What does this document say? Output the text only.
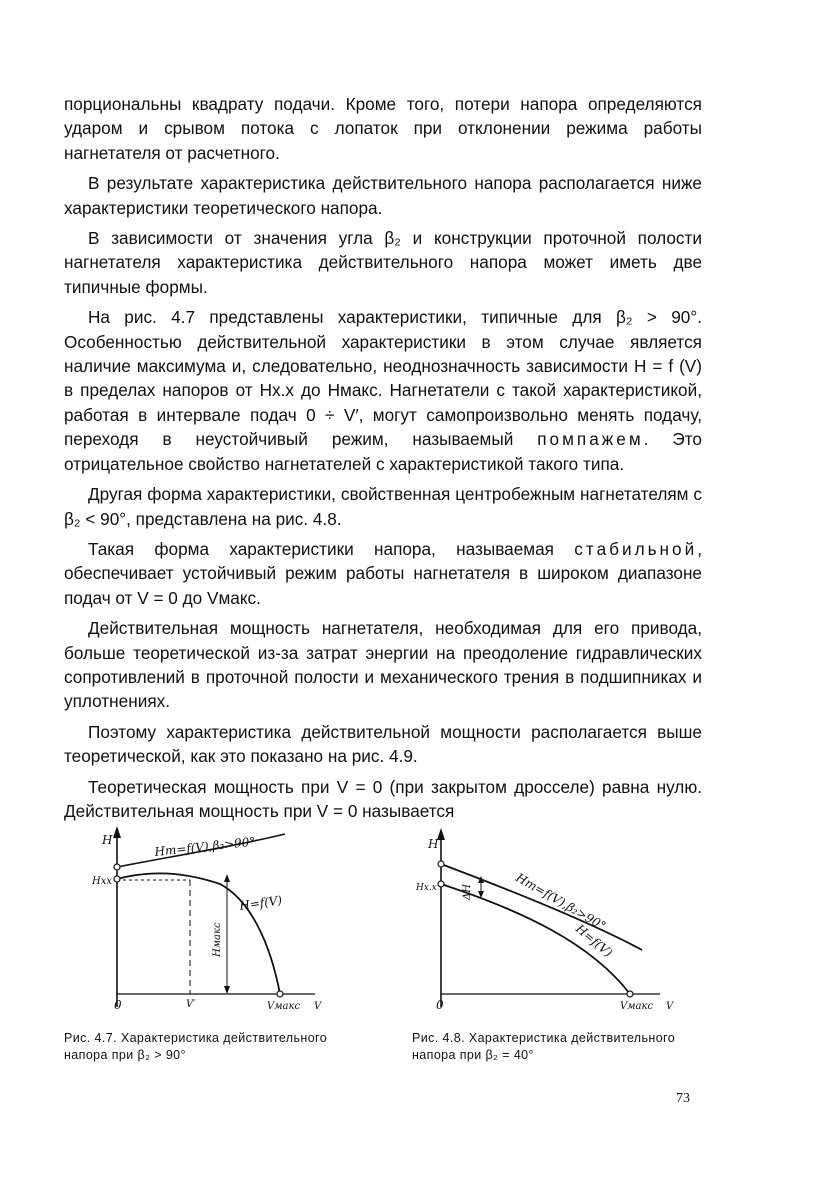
порциональны квадрату подачи. Кроме того, потери напора определяются ударом и срывом потока с лопаток при отклонении режима работы нагнетателя от расчетного.

В результате характеристика действительного напора располагается ниже характеристики теоретического напора.

В зависимости от значения угла β₂ и конструкции проточной полости нагнетателя характеристика действительного напора может иметь две типичные формы.

На рис. 4.7 представлены характеристики, типичные для β₂ > 90°. Особенностью действительной характеристики в этом случае является наличие максимума и, следовательно, неоднозначность зависимости H = f (V) в пределах напоров от Hx.x до Hмакс. Нагнетатели с такой характеристикой, работая в интервале подач 0 ÷ V′, могут самопроизвольно менять подачу, переходя в неустойчивый режим, называемый помпажем. Это отрицательное свойство нагнетателей с характеристикой такого типа.

Другая форма характеристики, свойственная центробежным нагнетателям с β₂ < 90°, представлена на рис. 4.8.

Такая форма характеристики напора, называемая стабильной, обеспечивает устойчивый режим работы нагнетателя в широком диапазоне подач от V = 0 до Vмакс.

Действительная мощность нагнетателя, необходимая для его привода, больше теоретической из-за затрат энергии на преодоление гидравлических сопротивлений в проточной полости и механического трения в подшипниках и уплотнениях.

Поэтому характеристика действительной мощности располагается выше теоретической, как это показано на рис. 4.9.

Теоретическая мощность при V = 0 (при закрытом дросселе) равна нулю. Действительная мощность при V = 0 называется

H
Hхх
Hт=f(V),β₂>90°
H=f(V)
Hмакс
0	Vмакс V
V′
Рис. 4.7. Характеристика действительного напора при β₂ > 90°
H
Hх.х	ΔH	Hт=f(V),β₂>90°
H=f(V)
0	Vмакс V
Рис. 4.8. Характеристика действительного напора при β₂ = 40°
73
